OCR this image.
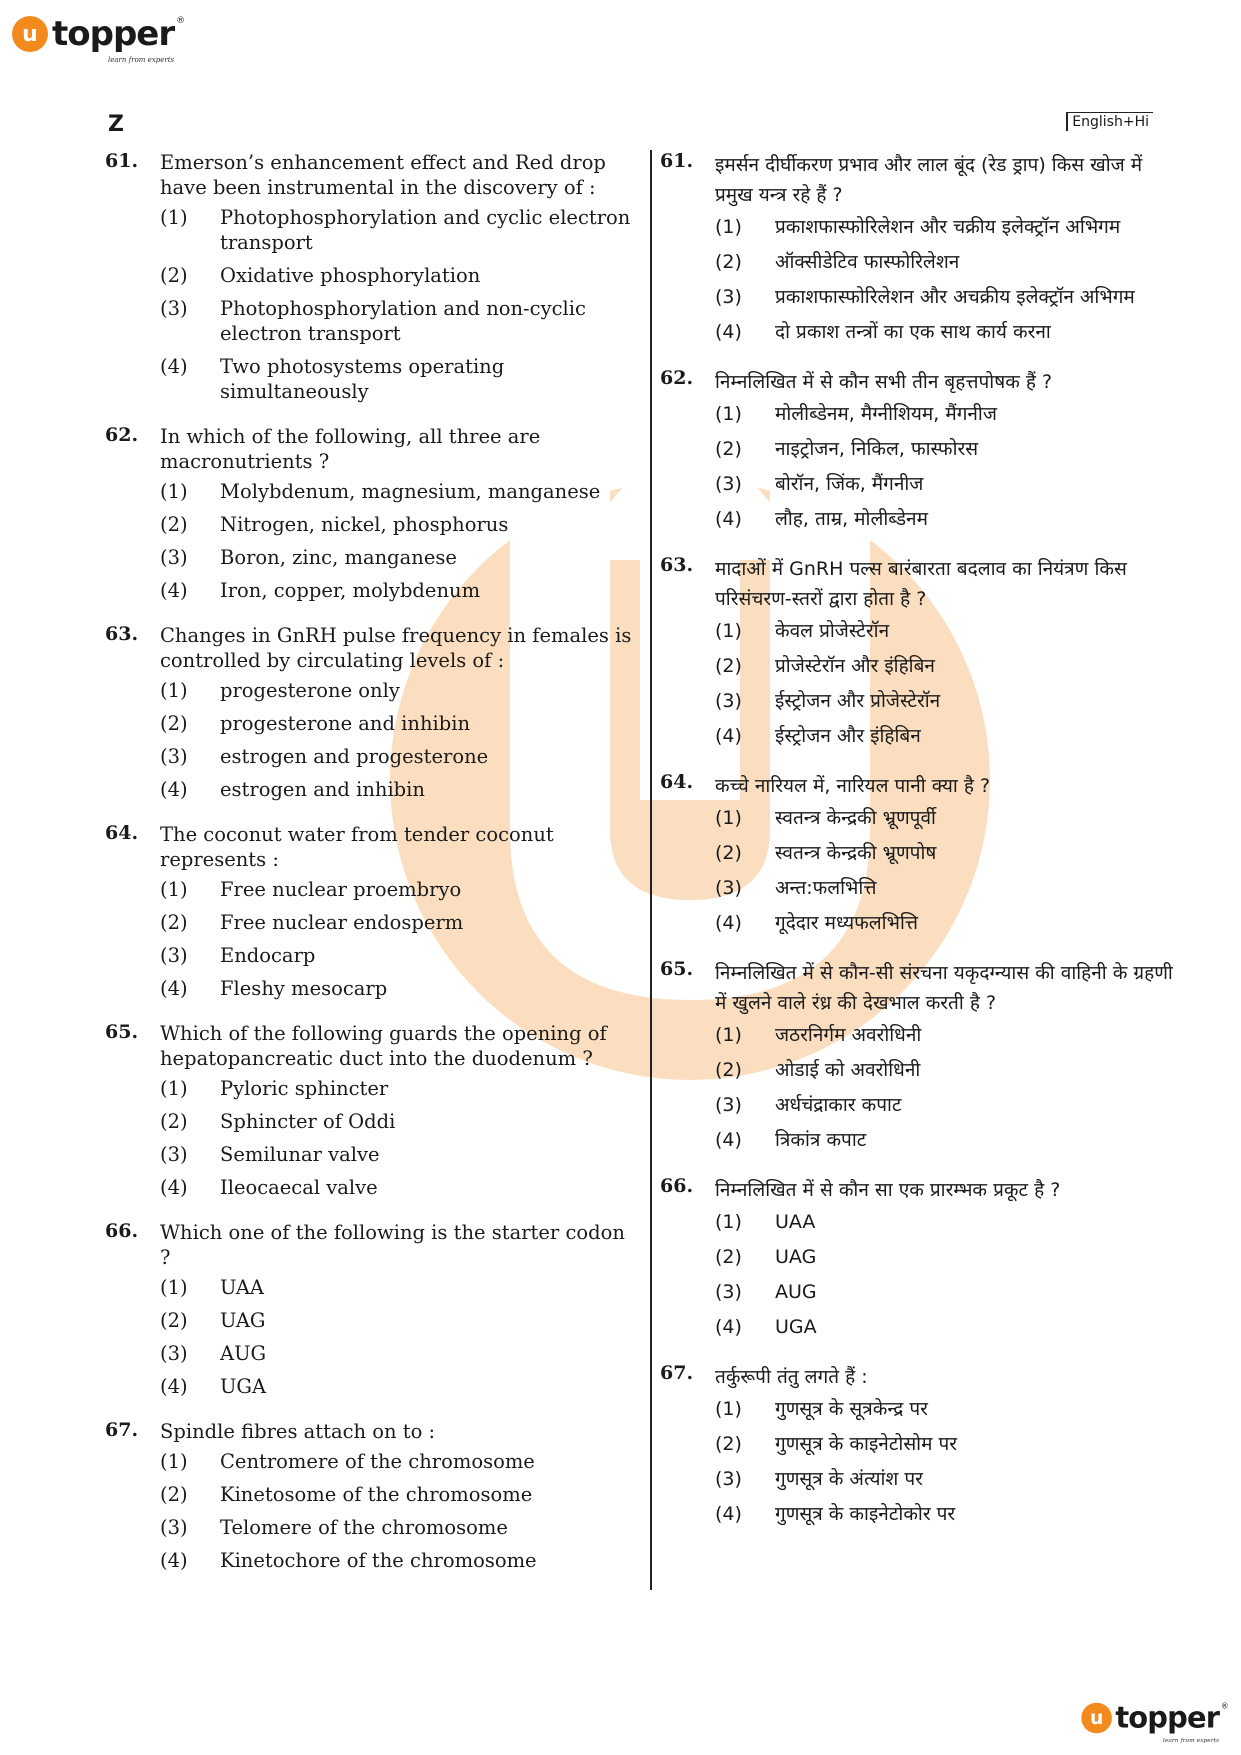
u topper ®
learn from experts
Z	English+Hi
61.	Emerson’s enhancement effect and Red drop have been instrumental in the discovery of :
(1)	Photophosphorylation and cyclic electron transport
(2)	Oxidative phosphorylation
(3)	Photophosphorylation and non-cyclic electron transport
(4)	Two photosystems operating simultaneously
62.	In which of the following, all three are macronutrients ?
(1)	Molybdenum, magnesium, manganese
(2)	Nitrogen, nickel, phosphorus
(3)	Boron, zinc, manganese
(4)	Iron, copper, molybdenum
63.	Changes in GnRH pulse frequency in females is controlled by circulating levels of :
(1)	progesterone only
(2)	progesterone and inhibin
(3)	estrogen and progesterone
(4)	estrogen and inhibin
64.	The coconut water from tender coconut represents :
(1)	Free nuclear proembryo
(2)	Free nuclear endosperm
(3)	Endocarp
(4)	Fleshy mesocarp
65.	Which of the following guards the opening of hepatopancreatic duct into the duodenum ?
(1)	Pyloric sphincter
(2)	Sphincter of Oddi
(3)	Semilunar valve
(4)	Ileocaecal valve
66.	Which one of the following is the starter codon ?
(1)	UAA
(2)	UAG
(3)	AUG
(4)	UGA
67.	Spindle fibres attach on to :
(1)	Centromere of the chromosome
(2)	Kinetosome of the chromosome
(3)	Telomere of the chromosome
(4)	Kinetochore of the chromosome
61.	इमर्सन दीर्घीकरण प्रभाव और लाल बूंद (रेड ड्राप) किस खोज में प्रमुख यन्त्र रहे हैं ?
(1)	प्रकाशफास्फोरिलेशन और चक्रीय इलेक्ट्रॉन अभिगम
(2)	ऑक्सीडेटिव फास्फोरिलेशन
(3)	प्रकाशफास्फोरिलेशन और अचक्रीय इलेक्ट्रॉन अभिगम
(4)	दो प्रकाश तन्त्रों का एक साथ कार्य करना
62.	निम्नलिखित में से कौन सभी तीन बृहत्तपोषक हैं ?
(1)	मोलीब्डेनम, मैग्नीशियम, मैंगनीज
(2)	नाइट्रोजन, निकिल, फास्फोरस
(3)	बोरॉन, जिंक, मैंगनीज
(4)	लौह, ताम्र, मोलीब्डेनम
63.	मादाओं में GnRH पल्स बारंबारता बदलाव का नियंत्रण किस परिसंचरण-स्तरों द्वारा होता है ?
(1)	केवल प्रोजेस्टेरॉन
(2)	प्रोजेस्टेरॉन और इंहिबिन
(3)	ईस्ट्रोजन और प्रोजेस्टेरॉन
(4)	ईस्ट्रोजन और इंहिबिन
64.	कच्चे नारियल में, नारियल पानी क्या है ?
(1)	स्वतन्त्र केन्द्रकी भ्रूणपूर्वी
(2)	स्वतन्त्र केन्द्रकी भ्रूणपोष
(3)	अन्त:फलभित्ति
(4)	गूदेदार मध्यफलभित्ति
65.	निम्नलिखित में से कौन-सी संरचना यकृदग्न्यास की वाहिनी के ग्रहणी में खुलने वाले रंध्र की देखभाल करती है ?
(1)	जठरनिर्गम अवरोधिनी
(2)	ओडाई को अवरोधिनी
(3)	अर्धचंद्राकार कपाट
(4)	त्रिकांत्र कपाट
66.	निम्नलिखित में से कौन सा एक प्रारम्भक प्रकूट है ?
(1)	UAA
(2)	UAG
(3)	AUG
(4)	UGA
67.	तर्कुरूपी तंतु लगते हैं :
(1)	गुणसूत्र के सूत्रकेन्द्र पर
(2)	गुणसूत्र के काइनेटोसोम पर
(3)	गुणसूत्र के अंत्यांश पर
(4)	गुणसूत्र के काइनेटोकोर पर
u topper ®
learn from experts
